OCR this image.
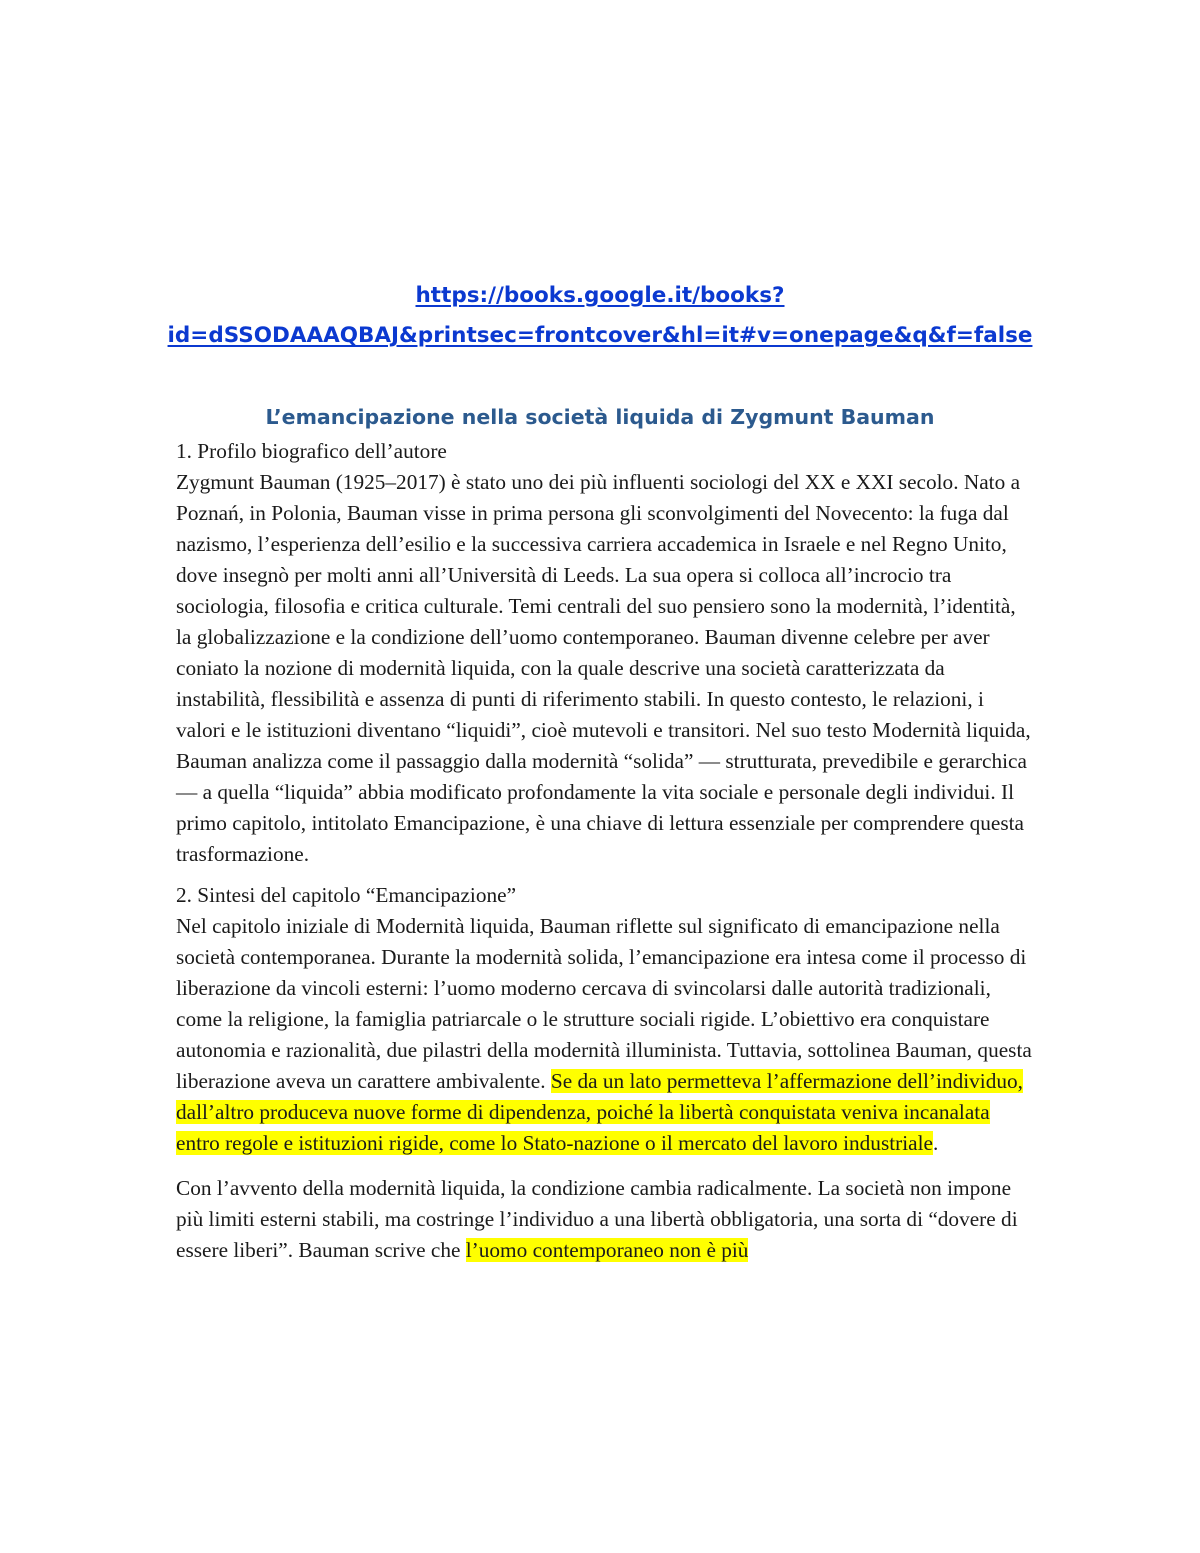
https://books.google.it/books?
id=dSSODAAAQBAJ&printsec=frontcover&hl=it#v=onepage&q&f=false
L’emancipazione nella società liquida di Zygmunt Bauman

1. Profilo biografico dell’autore

Zygmunt Bauman (1925–2017) è stato uno dei più influenti sociologi del XX e XXI secolo. Nato a Poznań, in Polonia, Bauman visse in prima persona gli sconvolgimenti del Novecento: la fuga dal nazismo, l’esperienza dell’esilio e la successiva carriera accademica in Israele e nel Regno Unito, dove insegnò per molti anni all’Università di Leeds. La sua opera si colloca all’incrocio tra sociologia, filosofia e critica culturale. Temi centrali del suo pensiero sono la modernità, l’identità, la globalizzazione e la condizione dell’uomo contemporaneo. Bauman divenne celebre per aver coniato la nozione di modernità liquida, con la quale descrive una società caratterizzata da instabilità, flessibilità e assenza di punti di riferimento stabili. In questo contesto, le relazioni, i valori e le istituzioni diventano “liquidi”, cioè mutevoli e transitori. Nel suo testo Modernità liquida, Bauman analizza come il passaggio dalla modernità “solida” — strutturata, prevedibile e gerarchica — a quella “liquida” abbia modificato profondamente la vita sociale e personale degli individui. Il primo capitolo, intitolato Emancipazione, è una chiave di lettura essenziale per comprendere questa trasformazione.

2. Sintesi del capitolo “Emancipazione”

Nel capitolo iniziale di Modernità liquida, Bauman riflette sul significato di emancipazione nella società contemporanea. Durante la modernità solida, l’emancipazione era intesa come il processo di liberazione da vincoli esterni: l’uomo moderno cercava di svincolarsi dalle autorità tradizionali, come la religione, la famiglia patriarcale o le strutture sociali rigide. L’obiettivo era conquistare autonomia e razionalità, due pilastri della modernità illuminista. Tuttavia, sottolinea Bauman, questa liberazione aveva un carattere ambivalente. Se da un lato permetteva l’affermazione dell’individuo, dall’altro produceva nuove forme di dipendenza, poiché la libertà conquistata veniva incanalata entro regole e istituzioni rigide, come lo Stato-nazione o il mercato del lavoro industriale.

Con l’avvento della modernità liquida, la condizione cambia radicalmente. La società non impone più limiti esterni stabili, ma costringe l’individuo a una libertà obbligatoria, una sorta di “dovere di essere liberi”. Bauman scrive che l’uomo contemporaneo non è più
